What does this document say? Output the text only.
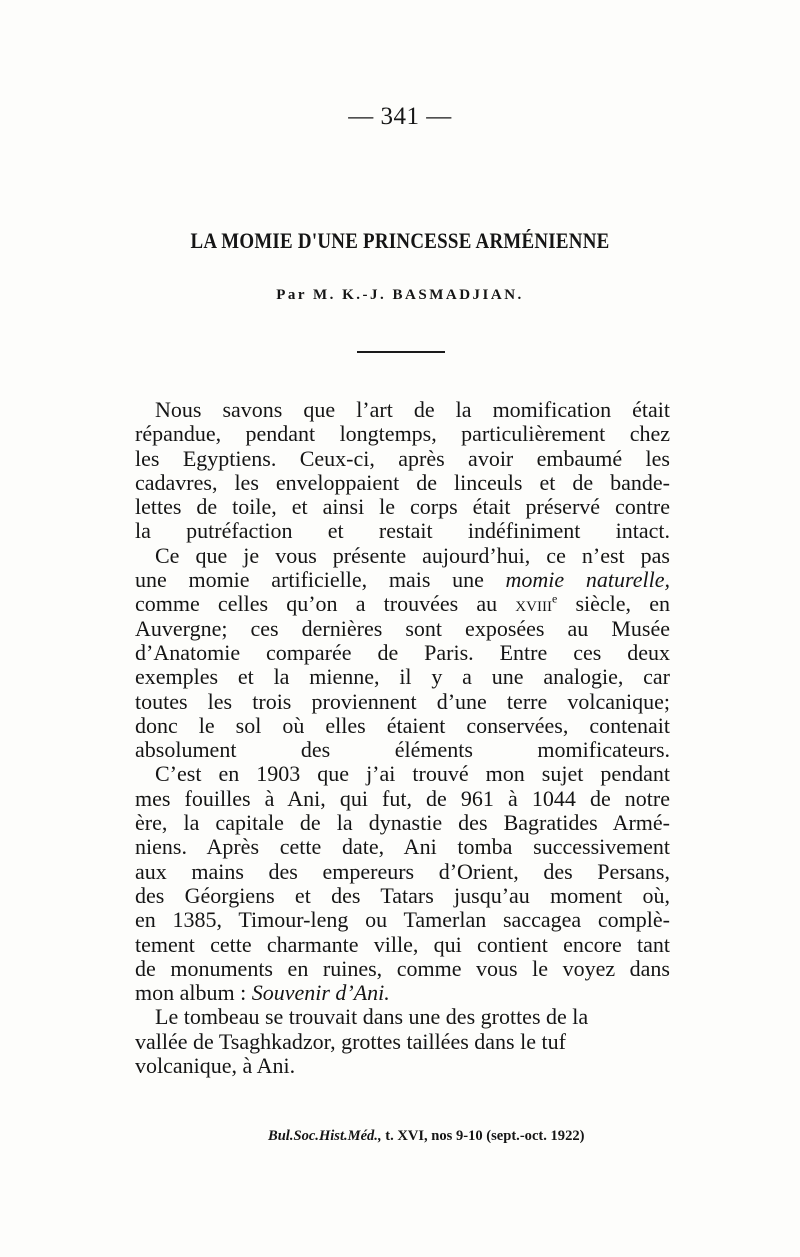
— 341 —
LA MOMIE D'UNE PRINCESSE ARMÉNIENNE
Par M. K.-J. BASMADJIAN.

Nous savons que l’art de la momification était
répandue, pendant longtemps, particulièrement chez
les Egyptiens. Ceux-ci, après avoir embaumé les
cadavres, les enveloppaient de linceuls et de bande-
lettes de toile, et ainsi le corps était préservé contre
la putréfaction et restait indéfiniment intact.

Ce que je vous présente aujourd’hui, ce n’est pas
une momie artificielle, mais une momie naturelle,
comme celles qu’on a trouvées au xviii$^e$ siècle, en
Auvergne; ces dernières sont exposées au Musée
d’Anatomie comparée de Paris. Entre ces deux
exemples et la mienne, il y a une analogie, car
toutes les trois proviennent d’une terre volcanique;
donc le sol où elles étaient conservées, contenait
absolument des éléments momificateurs.

C’est en 1903 que j’ai trouvé mon sujet pendant
mes fouilles à Ani, qui fut, de 961 à 1044 de notre
ère, la capitale de la dynastie des Bagratides Armé-
niens. Après cette date, Ani tomba successivement
aux mains des empereurs d’Orient, des Persans,
des Géorgiens et des Tatars jusqu’au moment où,
en 1385, Timour-leng ou Tamerlan saccagea complè-
tement cette charmante ville, qui contient encore tant
de monuments en ruines, comme vous le voyez dans
mon album : Souvenir d’Ani.

Le tombeau se trouvait dans une des grottes de la
vallée de Tsaghkadzor, grottes taillées dans le tuf
volcanique, à Ani.

Bul.Soc.Hist.Méd., t. XVI, nos 9-10 (sept.-oct. 1922)
